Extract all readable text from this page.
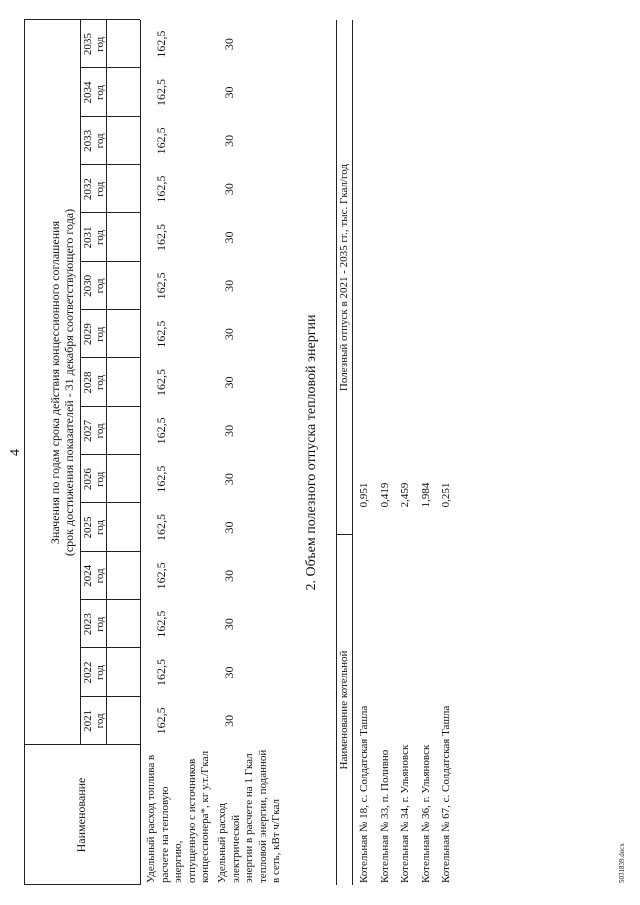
4
Наименование
Значения по годам срока действия концессионного соглашения (срок достижения показателей - 31 декабря соответствующего года)
2021 год
2022 год
2023 год
2024 год
2025 год
2026 год
2027 год
2028 год
2029 год
2030 год
2031 год
2032 год
2033 год
2034 год
2035 год
Удельный расход топлива в расчете на тепловую энергию, отпущенную с источников концессионера*, кг у.т./Гкал Удельный расход электрической энергии в расчете на 1 Гкал тепловой энергии, поданной в сеть, кВт ч/Гкал
162,5
162,5
162,5
162,5
162,5
162,5
162,5
162,5
162,5
162,5
162,5
162,5
162,5
162,5
162,5
30
30
30
30
30
30
30
30
30
30
30
30
30
30
30
2. Объем полезного отпуска тепловой энергии
Наименование котельной
Полезный отпуск в 2021 - 2035 гг., тыс. Гкал/год
Котельная № 18, с. Солдатская Ташла
0,951
Котельная № 33, п. Поливно
0,419
Котельная № 34, г. Ульяновск
2,459
Котельная № 36, г. Ульяновск
1,984
Котельная № 67, с. Солдатская Ташла
0,251
5031839.docx
